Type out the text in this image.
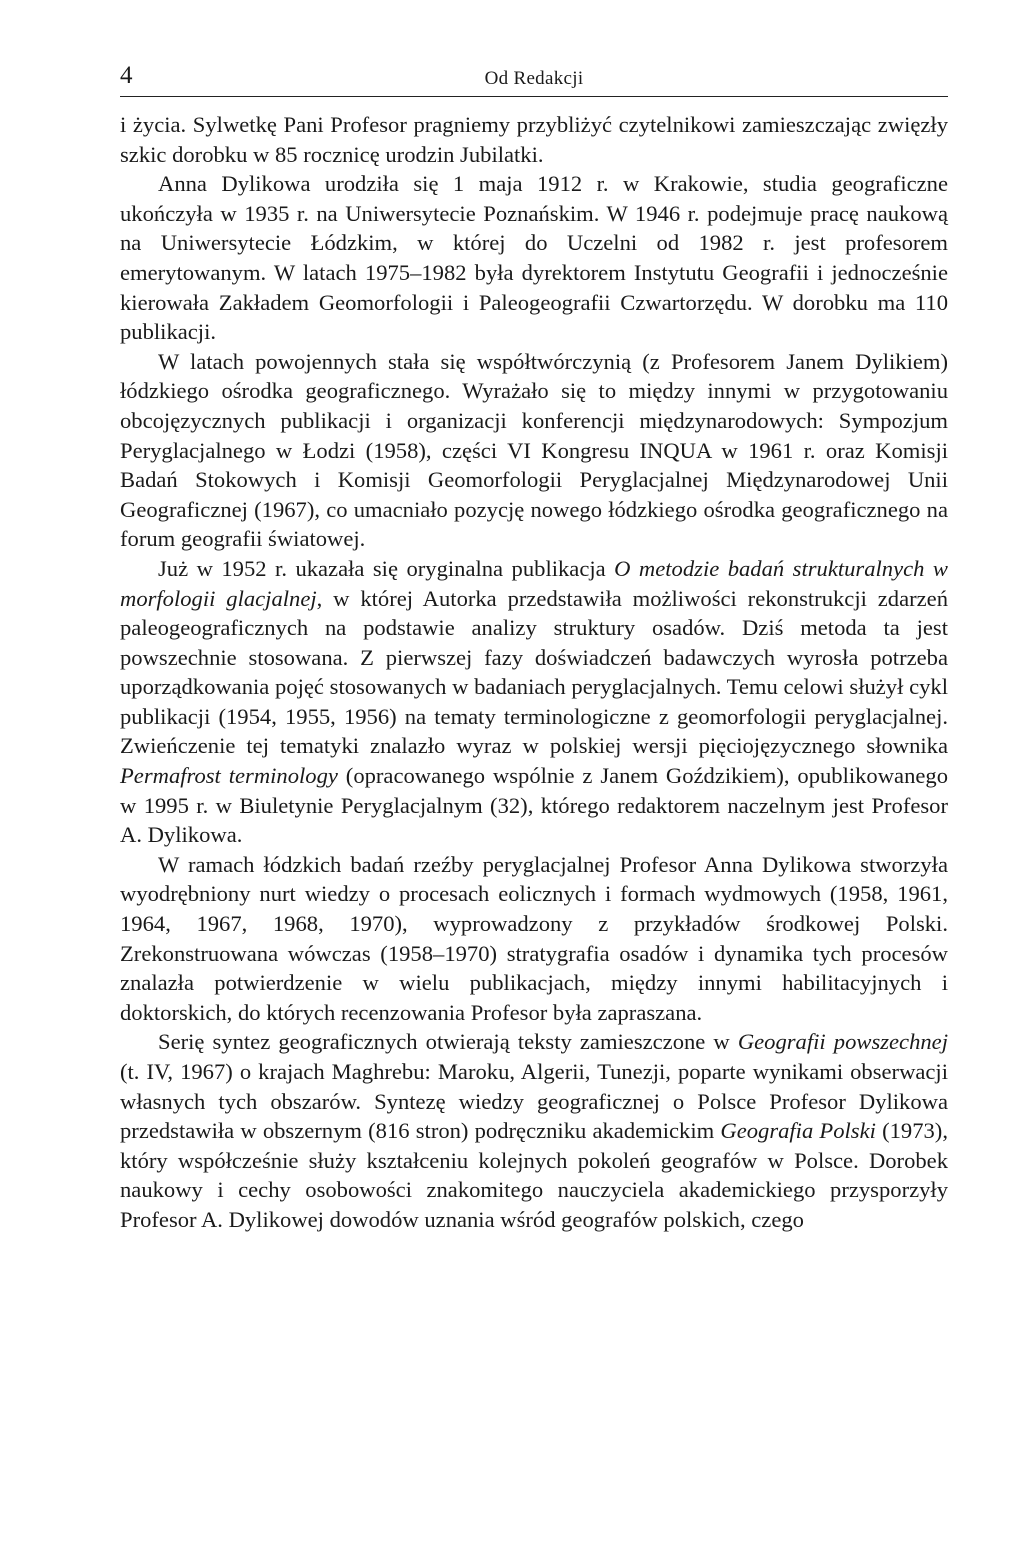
4	Od Redakcji

i życia. Sylwetkę Pani Profesor pragniemy przybliżyć czytelnikowi zamieszczając zwięzły szkic dorobku w 85 rocznicę urodzin Jubilatki.

Anna Dylikowa urodziła się 1 maja 1912 r. w Krakowie, studia geograficzne ukończyła w 1935 r. na Uniwersytecie Poznańskim. W 1946 r. podejmuje pracę naukową na Uniwersytecie Łódzkim, w której do Uczelni od 1982 r. jest profesorem emerytowanym. W latach 1975–1982 była dyrektorem Instytutu Geografii i jednocześnie kierowała Zakładem Geomorfologii i Paleogeografii Czwartorzędu. W dorobku ma 110 publikacji.

W latach powojennych stała się współtwórczynią (z Profesorem Janem Dylikiem) łódzkiego ośrodka geograficznego. Wyrażało się to między innymi w przygotowaniu obcojęzycznych publikacji i organizacji konferencji międzynarodowych: Sympozjum Peryglacjalnego w Łodzi (1958), części VI Kongresu INQUA w 1961 r. oraz Komisji Badań Stokowych i Komisji Geomorfologii Peryglacjalnej Międzynarodowej Unii Geograficznej (1967), co umacniało pozycję nowego łódzkiego ośrodka geograficznego na forum geografii światowej.

Już w 1952 r. ukazała się oryginalna publikacja O metodzie badań strukturalnych w morfologii glacjalnej, w której Autorka przedstawiła możliwości rekonstrukcji zdarzeń paleogeograficznych na podstawie analizy struktury osadów. Dziś metoda ta jest powszechnie stosowana. Z pierwszej fazy doświadczeń badawczych wyrosła potrzeba uporządkowania pojęć stosowanych w badaniach peryglacjalnych. Temu celowi służył cykl publikacji (1954, 1955, 1956) na tematy terminologiczne z geomorfologii peryglacjalnej. Zwieńczenie tej tematyki znalazło wyraz w polskiej wersji pięciojęzycznego słownika Permafrost terminology (opracowanego wspólnie z Janem Goździkiem), opublikowanego w 1995 r. w Biuletynie Peryglacjalnym (32), którego redaktorem naczelnym jest Profesor A. Dylikowa.

W ramach łódzkich badań rzeźby peryglacjalnej Profesor Anna Dylikowa stworzyła wyodrębniony nurt wiedzy o procesach eolicznych i formach wydmowych (1958, 1961, 1964, 1967, 1968, 1970), wyprowadzony z przykładów środkowej Polski. Zrekonstruowana wówczas (1958–1970) stratygrafia osadów i dynamika tych procesów znalazła potwierdzenie w wielu publikacjach, między innymi habilitacyjnych i doktorskich, do których recenzowania Profesor była zapraszana.

Serię syntez geograficznych otwierają teksty zamieszczone w Geografii powszechnej (t. IV, 1967) o krajach Maghrebu: Maroku, Algerii, Tunezji, poparte wynikami obserwacji własnych tych obszarów. Syntezę wiedzy geograficznej o Polsce Profesor Dylikowa przedstawiła w obszernym (816 stron) podręczniku akademickim Geografia Polski (1973), który współcześnie służy kształceniu kolejnych pokoleń geografów w Polsce. Dorobek naukowy i cechy osobowości znakomitego nauczyciela akademickiego przysporzyły Profesor A. Dylikowej dowodów uznania wśród geografów polskich, czego
